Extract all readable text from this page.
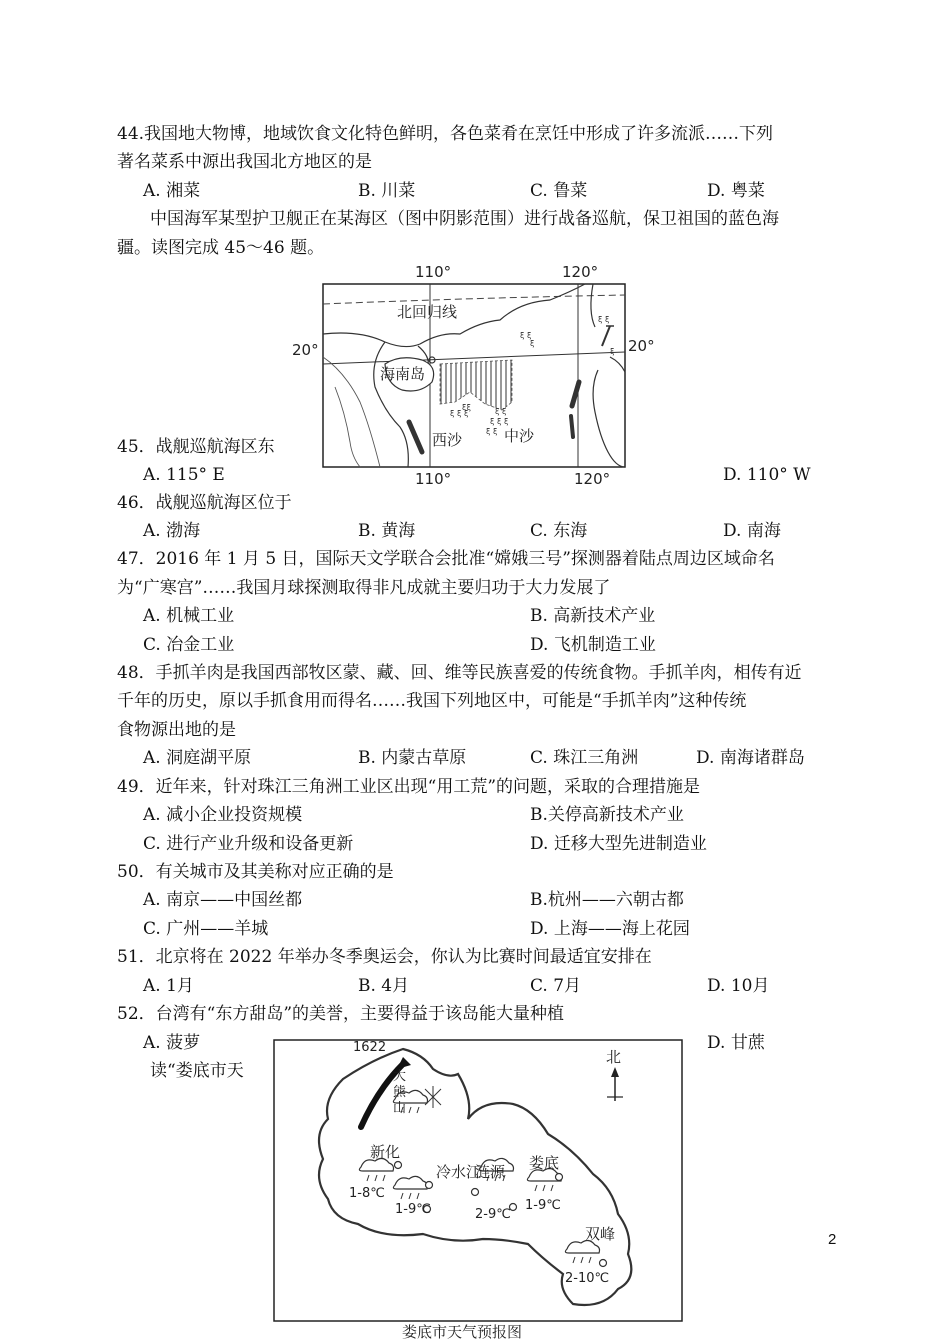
44.我国地大物博，地域饮食文化特色鲜明，各色菜肴在烹饪中形成了许多流派……下列
著名菜系中源出我国北方地区的是
A. 湘菜	B. 川菜	C. 鲁菜	D. 粤菜
中国海军某型护卫舰正在某海区（图中阴影范围）进行战备巡航，保卫祖国的蓝色海
疆。读图完成 45～46 题。
45．战舰巡航海区东
A. 115° E	D. 110° W
ξ ξ
ξ
ξξ
ξ ξ ξ	ξ ξ
ξ ξ ξ
ξ ξ
ξ ξ
ξ
110°	120°
110°	120°
20°	20°
北回归线
海南岛
西沙	中沙
46．战舰巡航海区位于
A. 渤海	B. 黄海	C. 东海	D. 南海
47．2016 年 1 月 5 日，国际天文学联合会批准“嫦娥三号”探测器着陆点周边区域命名
为“广寒宫”……我国月球探测取得非凡成就主要归功于大力发展了
A. 机械工业	B. 高新技术产业
C. 冶金工业	D. 飞机制造工业
48．手抓羊肉是我国西部牧区蒙、藏、回、维等民族喜爱的传统食物。手抓羊肉，相传有近
千年的历史，原以手抓食用而得名……我国下列地区中，可能是“手抓羊肉”这种传统
食物源出地的是
A. 洞庭湖平原	B. 内蒙古草原	C. 珠江三角洲	D. 南海诸群岛
49．近年来，针对珠江三角洲工业区出现“用工荒”的问题，采取的合理措施是
A. 减小企业投资规模	B.关停高新技术产业
C. 进行产业升级和设备更新	D. 迁移大型先进制造业
50．有关城市及其美称对应正确的是
A. 南京——中国丝都	B.杭州——六朝古都
C. 广州——羊城	D. 上海——海上花园
51．北京将在 2022 年举办冬季奥运会，你认为比赛时间最适宜安排在
A. 1月	B. 4月	C. 7月	D. 10月
52．台湾有“东方甜岛”的美誉，主要得益于该岛能大量种植
A. 菠萝	D. 甘蔗
读“娄底市天
2
1622
大熊山
北
新化
1-8℃
冷水江
1-9℃
涟源
2-9℃
娄底
1-9℃
双峰
2-10℃
娄底市天气预报图
